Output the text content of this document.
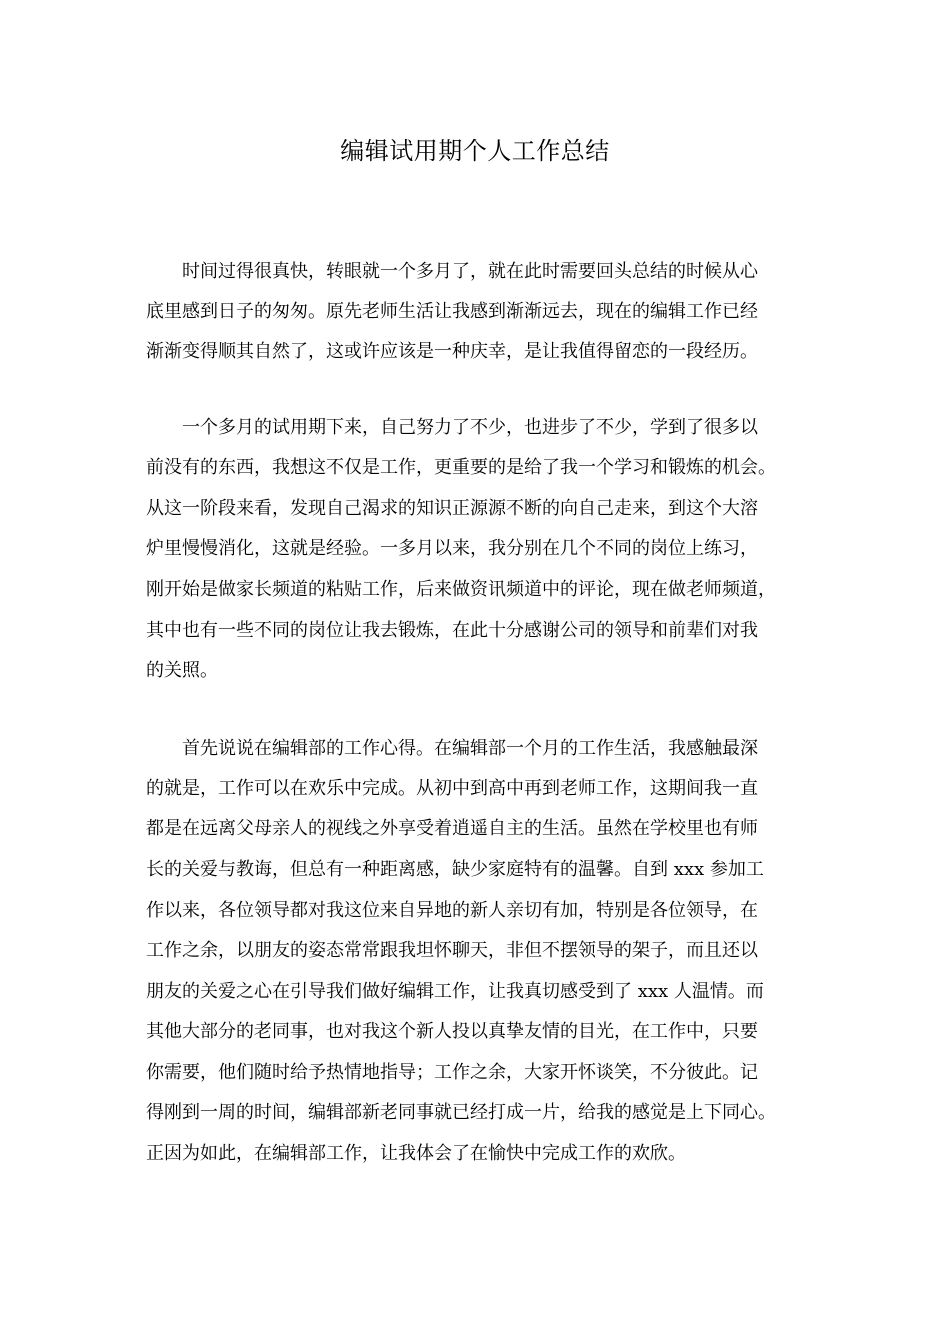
编辑试用期个人工作总结
时间过得很真快，转眼就一个多月了，就在此时需要回头总结的时候从心
底里感到日子的匆匆。原先老师生活让我感到渐渐远去，现在的编辑工作已经
渐渐变得顺其自然了，这或许应该是一种庆幸，是让我值得留恋的一段经历。
一个多月的试用期下来，自己努力了不少，也进步了不少，学到了很多以
前没有的东西，我想这不仅是工作，更重要的是给了我一个学习和锻炼的机会。
从这一阶段来看，发现自己渴求的知识正源源不断的向自己走来，到这个大溶
炉里慢慢消化，这就是经验。一多月以来，我分别在几个不同的岗位上练习，
刚开始是做家长频道的粘贴工作，后来做资讯频道中的评论，现在做老师频道，
其中也有一些不同的岗位让我去锻炼，在此十分感谢公司的领导和前辈们对我
的关照。
首先说说在编辑部的工作心得。在编辑部一个月的工作生活，我感触最深
的就是，工作可以在欢乐中完成。从初中到高中再到老师工作，这期间我一直
都是在远离父母亲人的视线之外享受着逍遥自主的生活。虽然在学校里也有师
长的关爱与教诲，但总有一种距离感，缺少家庭特有的温馨。自到 xxx 参加工
作以来，各位领导都对我这位来自异地的新人亲切有加，特别是各位领导，在
工作之余，以朋友的姿态常常跟我坦怀聊天，非但不摆领导的架子，而且还以
朋友的关爱之心在引导我们做好编辑工作，让我真切感受到了 xxx 人温情。而
其他大部分的老同事，也对我这个新人投以真挚友情的目光，在工作中，只要
你需要，他们随时给予热情地指导；工作之余，大家开怀谈笑，不分彼此。记
得刚到一周的时间，编辑部新老同事就已经打成一片，给我的感觉是上下同心。
正因为如此，在编辑部工作，让我体会了在愉快中完成工作的欢欣。
